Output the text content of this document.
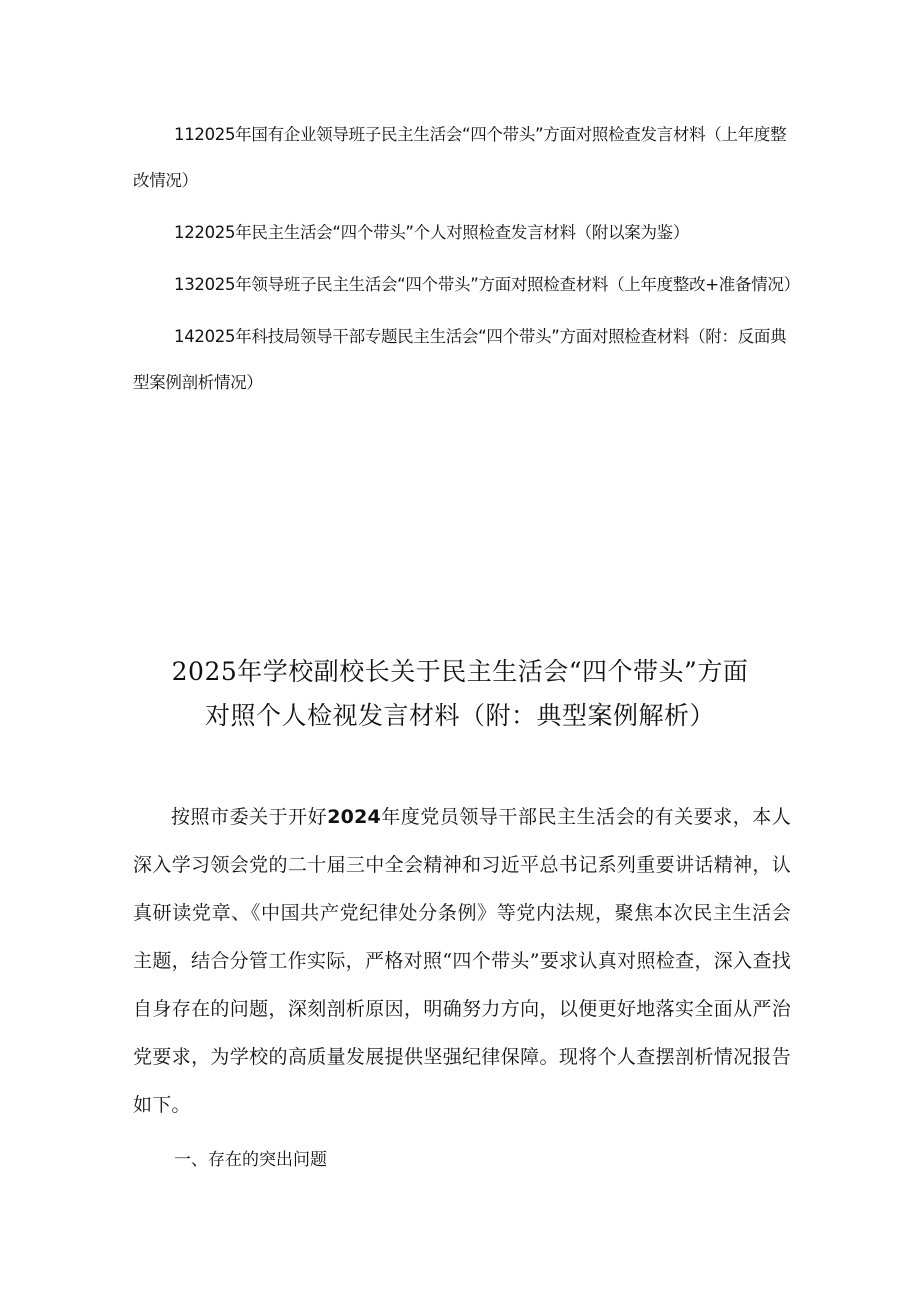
112025年国有企业领导班子民主生活会“四个带头”方面对照检查发言材料（上年度整改情况）

122025年民主生活会“四个带头”个人对照检查发言材料（附以案为鉴）

132025年领导班子民主生活会“四个带头”方面对照检查材料（上年度整改+准备情况）

142025年科技局领导干部专题民主生活会“四个带头”方面对照检查材料（附：反面典型案例剖析情况）

2025年学校副校长关于民主生活会“四个带头”方面
对照个人检视发言材料（附：典型案例解析）

按照市委关于开好2024年度党员领导干部民主生活会的有关要求，本人深入学习领会党的二十届三中全会精神和习近平总书记系列重要讲话精神，认真研读党章、《中国共产党纪律处分条例》等党内法规，聚焦本次民主生活会主题，结合分管工作实际，严格对照“四个带头”要求认真对照检查，深入查找自身存在的问题，深刻剖析原因，明确努力方向，以便更好地落实全面从严治党要求，为学校的高质量发展提供坚强纪律保障。现将个人查摆剖析情况报告如下。

一、存在的突出问题
